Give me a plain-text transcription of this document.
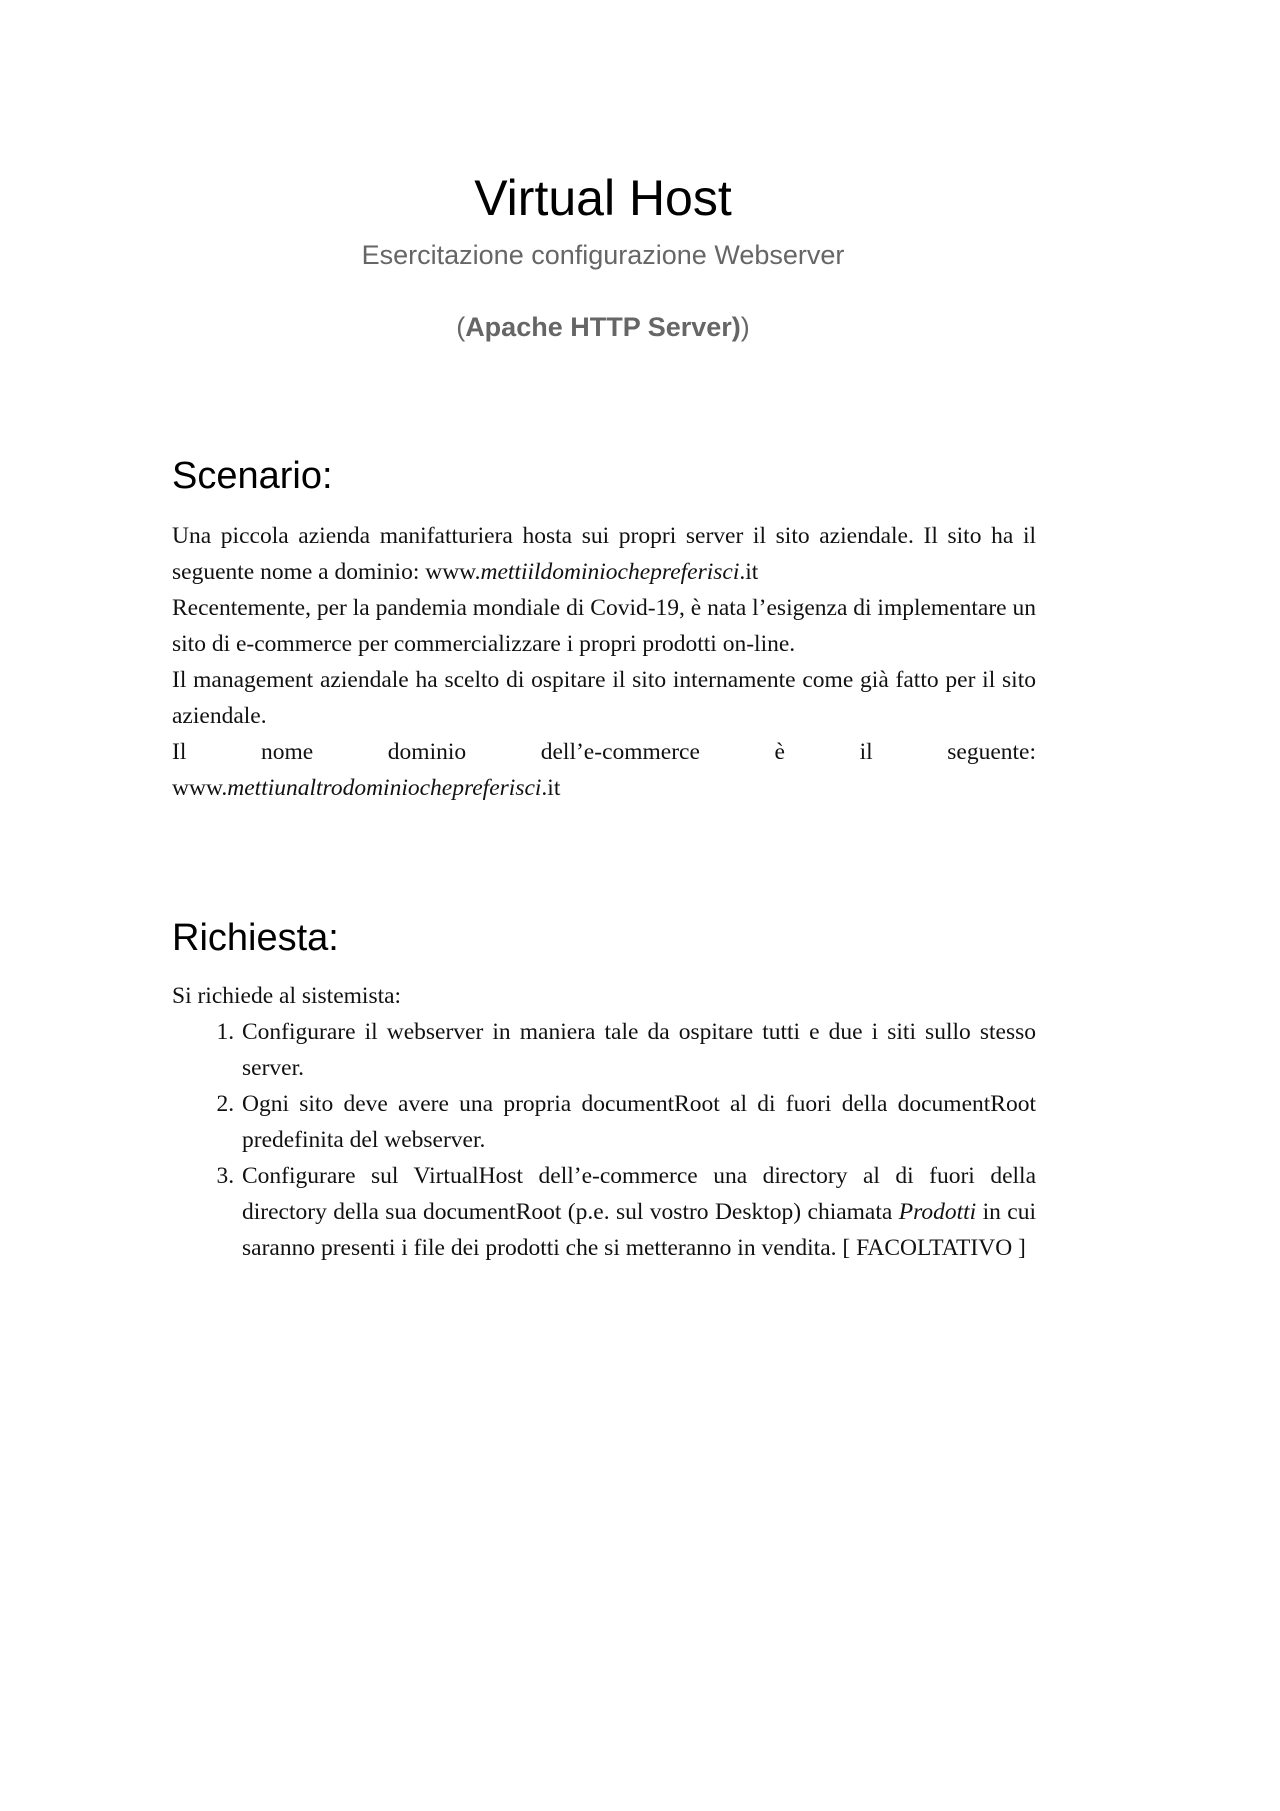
Virtual Host

Esercitazione configurazione Webserver

(Apache HTTP Server))

Scenario:

Una piccola azienda manifatturiera hosta sui propri server il sito aziendale. Il sito ha il seguente nome a dominio: www.mettiildominiochepreferisci.it

Recentemente, per la pandemia mondiale di Covid-19, è nata l’esigenza di implementare un sito di e-commerce per commercializzare i propri prodotti on-line.

Il management aziendale ha scelto di ospitare il sito internamente come già fatto per il sito aziendale.

Il nome dominio dell’e-commerce è il seguente:

www.mettiunaltrodominiochepreferisci.it

Richiesta:

Si richiede al sistemista:

1. Configurare il webserver in maniera tale da ospitare tutti e due i siti sullo stesso server.
2. Ogni sito deve avere una propria documentRoot al di fuori della documentRoot predefinita del webserver.
3. Configurare sul VirtualHost dell’e-commerce una directory al di fuori della directory della sua documentRoot (p.e. sul vostro Desktop) chiamata Prodotti in cui saranno presenti i file dei prodotti che si metteranno in vendita. [ FACOLTATIVO ]
